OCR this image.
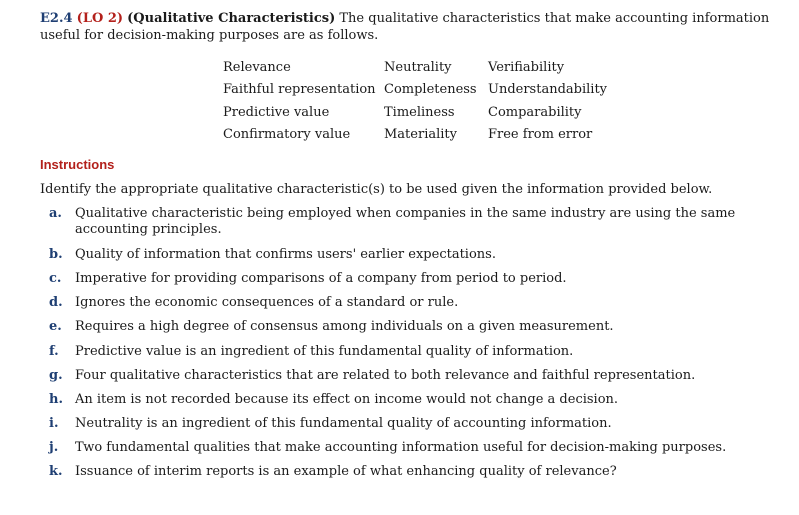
E2.4 (LO 2) (Qualitative Characteristics) The qualitative characteristics that make accounting information useful for decision-making purposes are as follows.
Relevance	Neutrality	Verifiability
Faithful representation	Completeness	Understandability
Predictive value	Timeliness	Comparability
Confirmatory value	Materiality	Free from error
Instructions
Identify the appropriate qualitative characteristic(s) to be used given the information provided below.
a.	Qualitative characteristic being employed when companies in the same industry are using the same accounting principles.
b. Quality of information that confirms users' earlier expectations.
c.	Imperative for providing comparisons of a company from period to period.
d. Ignores the economic consequences of a standard or rule.
e.	Requires a high degree of consensus among individuals on a given measurement.
f.	Predictive value is an ingredient of this fundamental quality of information.
g. Four qualitative characteristics that are related to both relevance and faithful representation.
h. An item is not recorded because its effect on income would not change a decision.
i.	Neutrality is an ingredient of this fundamental quality of accounting information.
j.	Two fundamental qualities that make accounting information useful for decision-making purposes.
k. Issuance of interim reports is an example of what enhancing quality of relevance?
